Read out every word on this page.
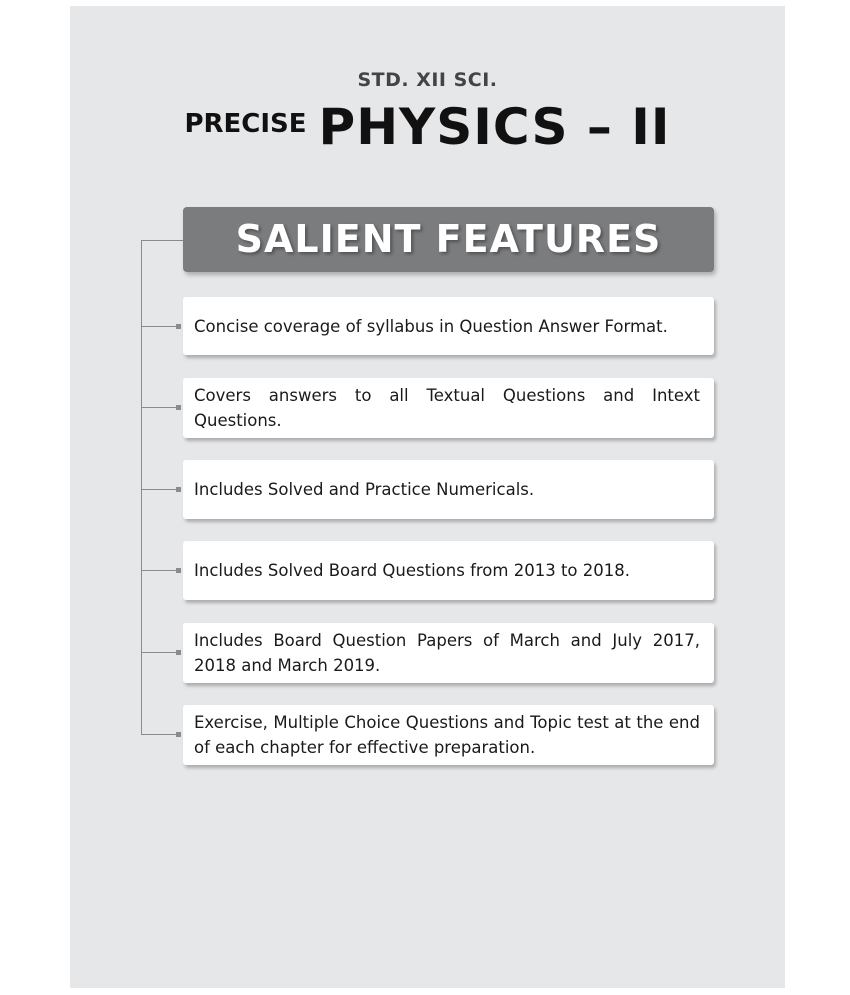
STD. XII SCI.
PRECISE PHYSICS – II
SALIENT FEATURES

Concise coverage of syllabus in Question Answer Format.

Covers answers to all Textual Questions and Intext Questions.

Includes Solved and Practice Numericals.

Includes Solved Board Questions from 2013 to 2018.

Includes Board Question Papers of March and July 2017, 2018 and March 2019.

Exercise, Multiple Choice Questions and Topic test at the end of each chapter for effective preparation.
